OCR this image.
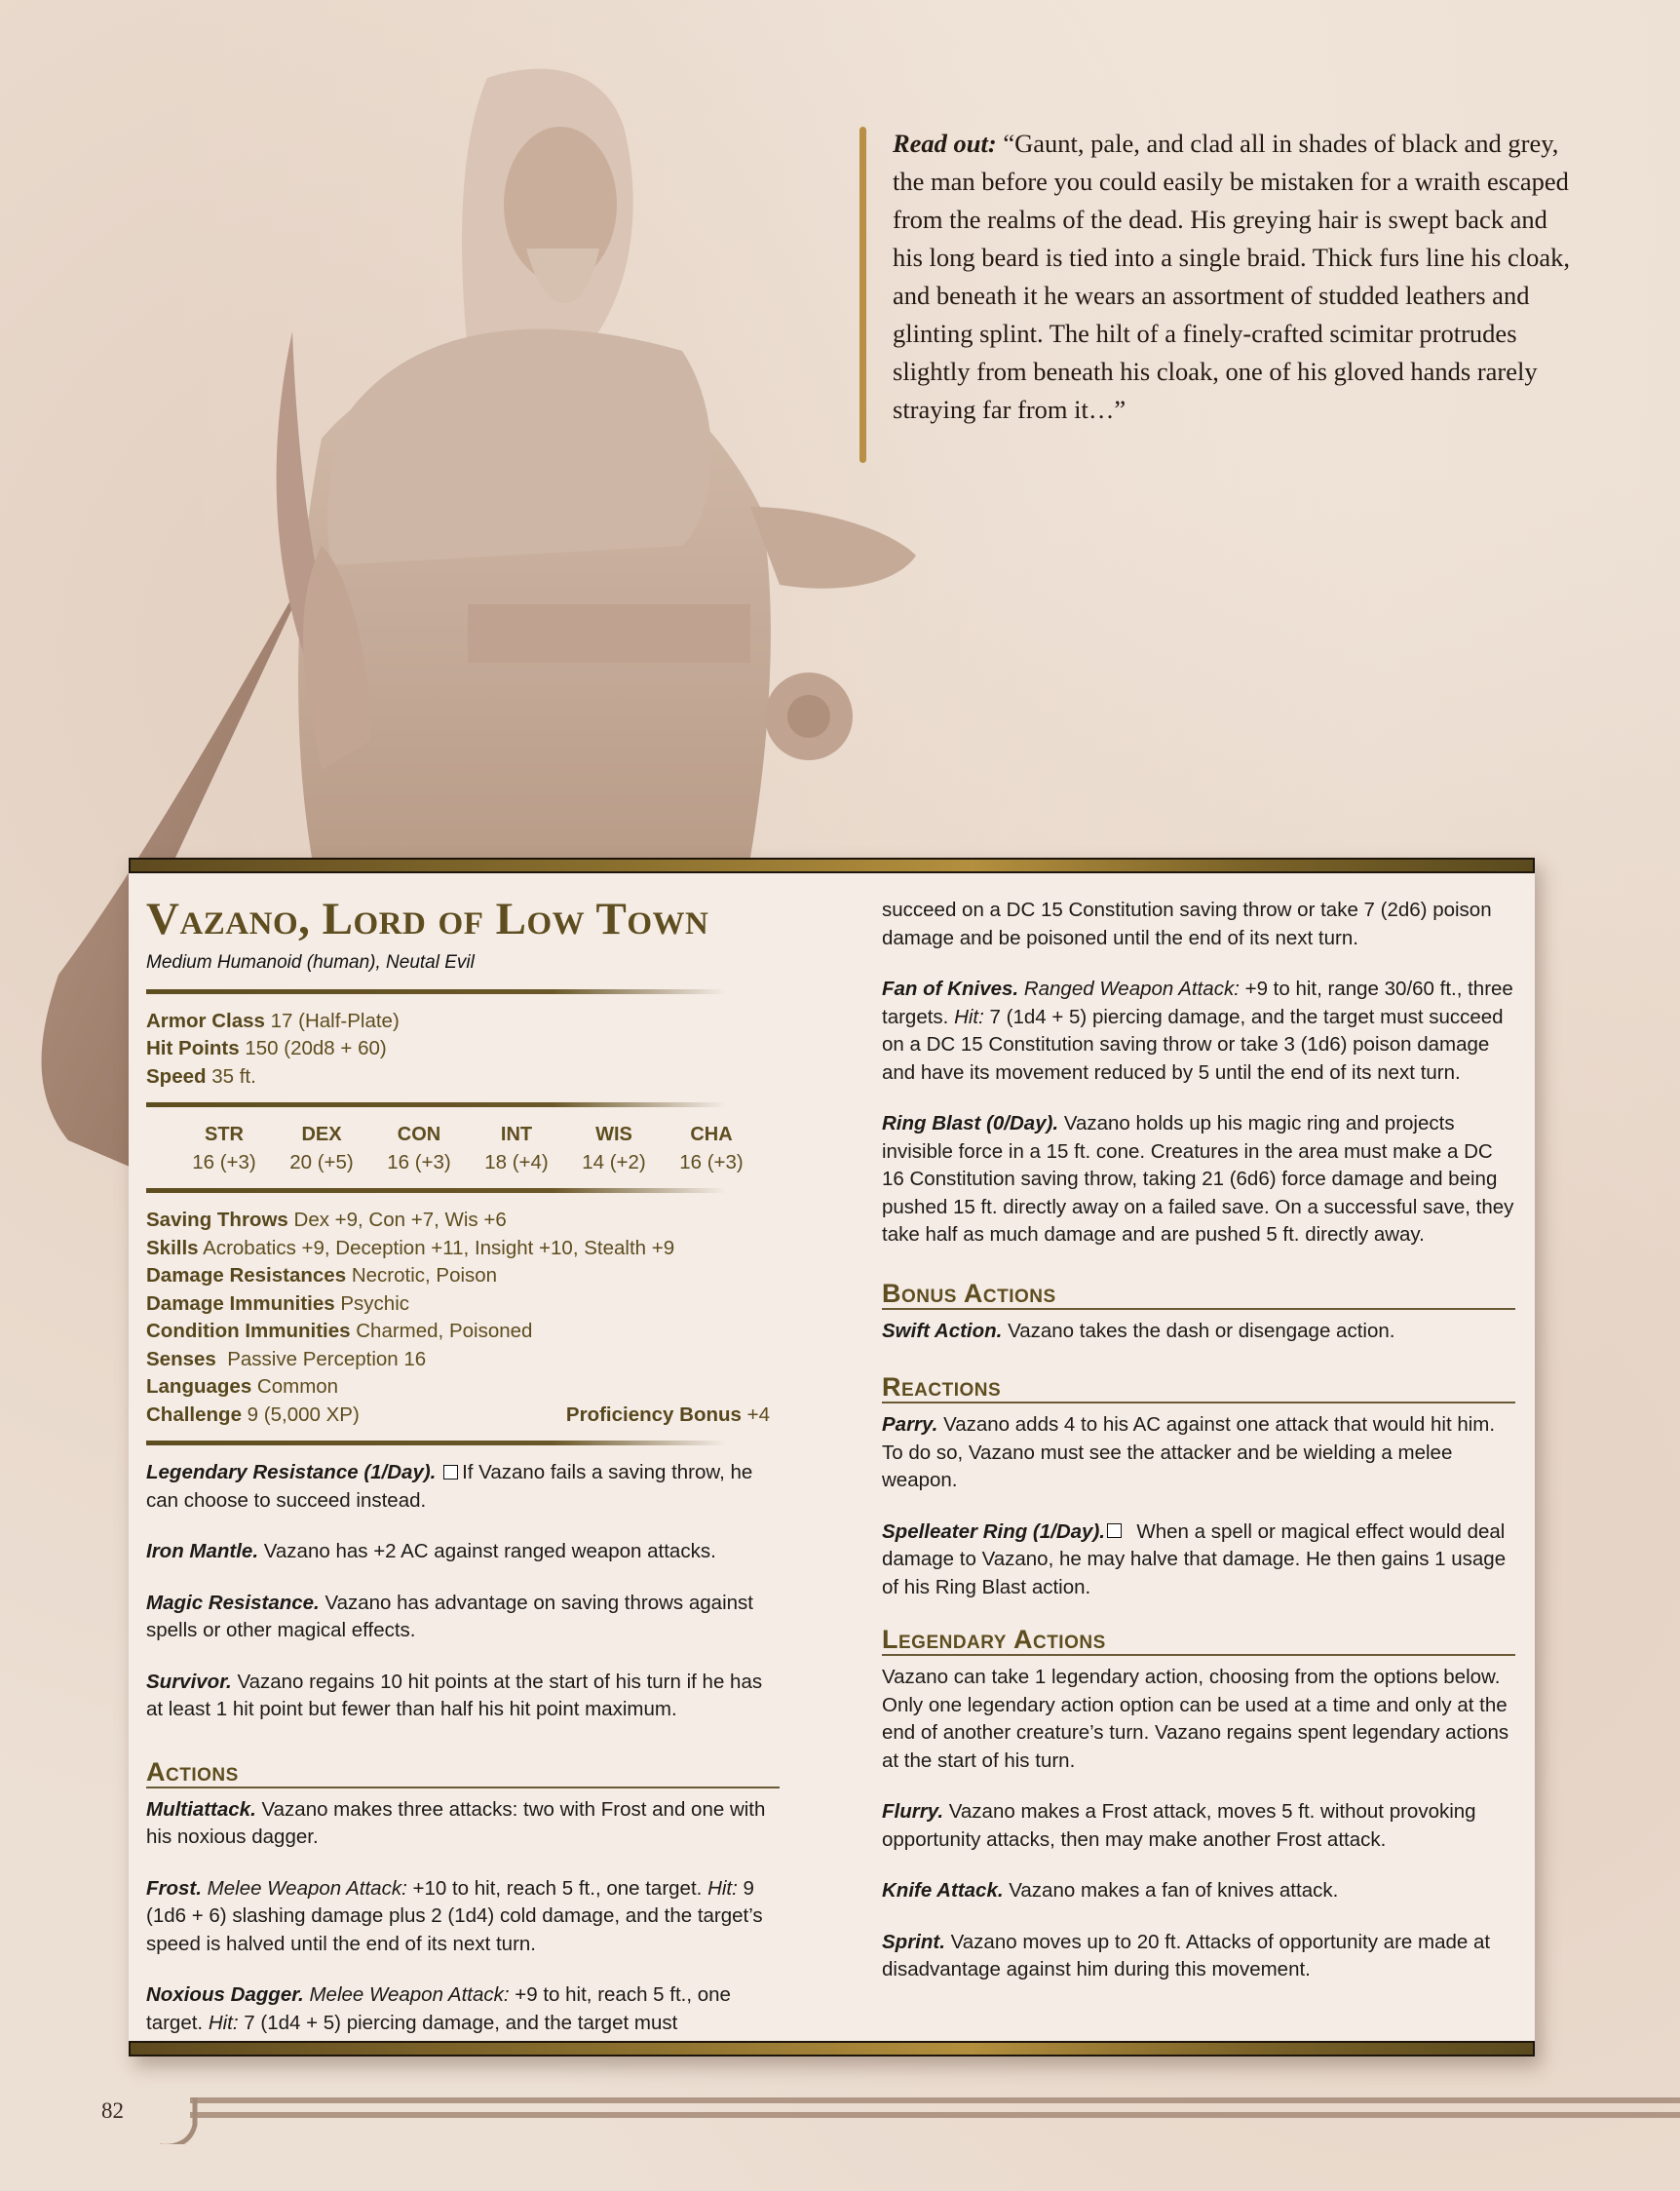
Read out: “Gaunt, pale, and clad all in shades of black and grey, the man before you could easily be mistaken for a wraith escaped from the realms of the dead. His greying hair is swept back and his long beard is tied into a single braid. Thick furs line his cloak, and beneath it he wears an assortment of studded leathers and glinting splint. The hilt of a finely-crafted scimitar protrudes slightly from beneath his cloak, one of his gloved hands rarely straying far from it…”
Vazano, Lord of Low Town
Medium Humanoid (human), Neutal Evil
Armor Class 17 (Half-Plate)
Hit Points 150 (20d8 + 60)
Speed 35 ft.
STR
16 (+3)
DEX
20 (+5)
CON
16 (+3)
INT
18 (+4)
WIS
14 (+2)
CHA
16 (+3)
Saving Throws Dex +9, Con +7, Wis +6
Skills Acrobatics +9, Deception +11, Insight +10, Stealth +9
Damage Resistances Necrotic, Poison
Damage Immunities Psychic
Condition Immunities Charmed, Poisoned
Senses Passive Perception 16
Languages Common
Challenge 9 (5,000 XP)	Proficiency Bonus +4
Legendary Resistance (1/Day). If Vazano fails a saving throw, he can choose to succeed instead.
Iron Mantle. Vazano has +2 AC against ranged weapon attacks.
Magic Resistance. Vazano has advantage on saving throws against spells or other magical effects.
Survivor. Vazano regains 10 hit points at the start of his turn if he has at least 1 hit point but fewer than half his hit point maximum.
Actions
Multiattack. Vazano makes three attacks: two with Frost and one with his noxious dagger.
Frost. Melee Weapon Attack: +10 to hit, reach 5 ft., one target. Hit: 9 (1d6 + 6) slashing damage plus 2 (1d4) cold damage, and the target’s speed is halved until the end of its next turn.
Noxious Dagger. Melee Weapon Attack: +9 to hit, reach 5 ft., one target. Hit: 7 (1d4 + 5) piercing damage, and the target must
succeed on a DC 15 Constitution saving throw or take 7 (2d6) poison damage and be poisoned until the end of its next turn.
Fan of Knives. Ranged Weapon Attack: +9 to hit, range 30/60 ft., three targets. Hit: 7 (1d4 + 5) piercing damage, and the target must succeed on a DC 15 Constitution saving throw or take 3 (1d6) poison damage and have its movement reduced by 5 until the end of its next turn.
Ring Blast (0/Day). Vazano holds up his magic ring and projects invisible force in a 15 ft. cone. Creatures in the area must make a DC 16 Constitution saving throw, taking 21 (6d6) force damage and being pushed 15 ft. directly away on a failed save. On a successful save, they take half as much damage and are pushed 5 ft. directly away.
Bonus Actions
Swift Action. Vazano takes the dash or disengage action.
Reactions
Parry. Vazano adds 4 to his AC against one attack that would hit him. To do so, Vazano must see the attacker and be wielding a melee weapon.
Spelleater Ring (1/Day). When a spell or magical effect would deal damage to Vazano, he may halve that damage. He then gains 1 usage of his Ring Blast action.
Legendary Actions
Vazano can take 1 legendary action, choosing from the options below. Only one legendary action option can be used at a time and only at the end of another creature’s turn. Vazano regains spent legendary actions at the start of his turn.
Flurry. Vazano makes a Frost attack, moves 5 ft. without provoking opportunity attacks, then may make another Frost attack.
Knife Attack. Vazano makes a fan of knives attack.
Sprint. Vazano moves up to 20 ft. Attacks of opportunity are made at disadvantage against him during this movement.
82
